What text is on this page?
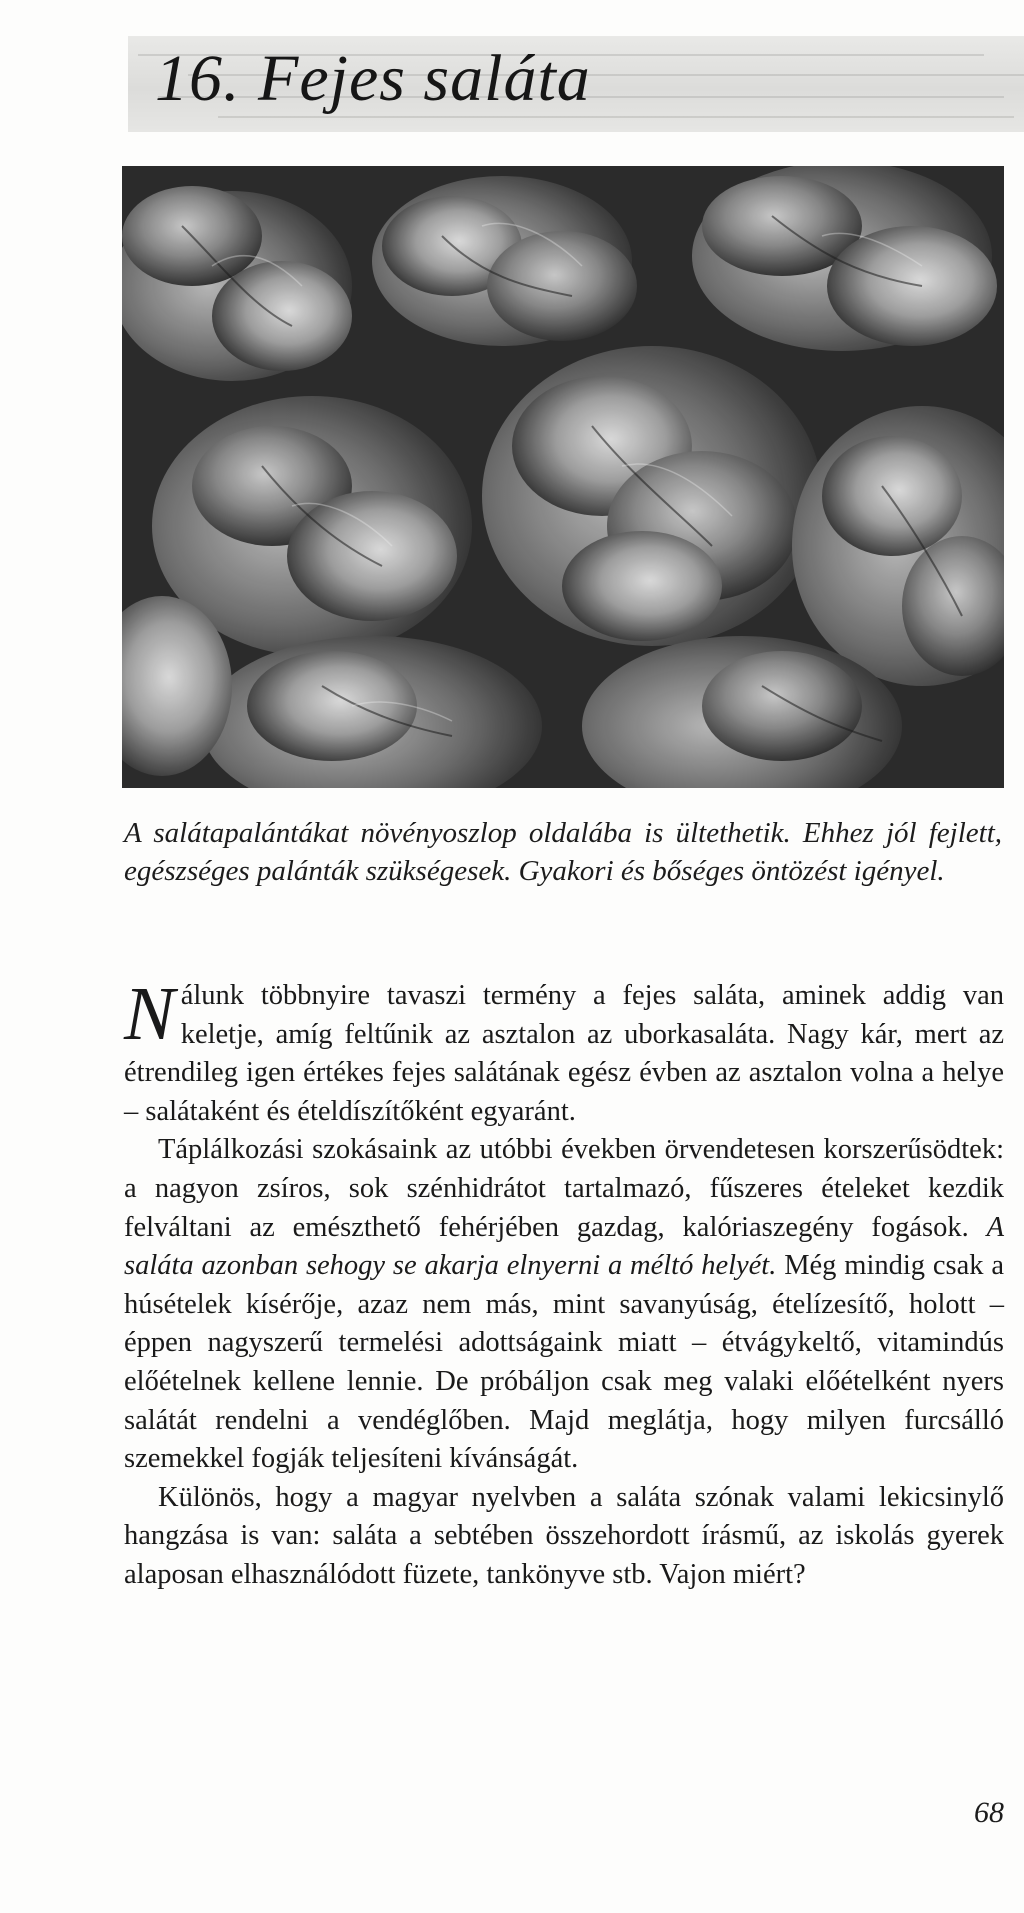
16. Fejes saláta

A salátapalántákat növényoszlop oldalába is ültethetik. Ehhez jól fejlett, egészséges palánták szükségesek. Gyakori és bőséges öntözést igényel.

Nálunk többnyire tavaszi termény a fejes saláta, aminek addig van keletje, amíg feltűnik az asztalon az uborkasaláta. Nagy kár, mert az étrendileg igen értékes fejes salátának egész évben az asztalon volna a helye – salátaként és ételdíszítőként egyaránt.

Táplálkozási szokásaink az utóbbi években örvendetesen korszerűsödtek: a nagyon zsíros, sok szénhidrátot tartalmazó, fűszeres ételeket kezdik felváltani az emészthető fehérjében gazdag, kalóriaszegény fogások. A saláta azonban sehogy se akarja elnyerni a méltó helyét. Még mindig csak a húsételek kísérője, azaz nem más, mint savanyúság, ételízesítő, holott – éppen nagyszerű termelési adottságaink miatt – étvágykeltő, vitamindús előételnek kellene lennie. De próbáljon csak meg valaki előételként nyers salátát rendelni a vendéglőben. Majd meglátja, hogy milyen furcsálló szemekkel fogják teljesíteni kívánságát.

Különös, hogy a magyar nyelvben a saláta szónak valami lekicsinylő hangzása is van: saláta a sebtében összehordott írásmű, az iskolás gyerek alaposan elhasználódott füzete, tankönyve stb. Vajon miért?

68
